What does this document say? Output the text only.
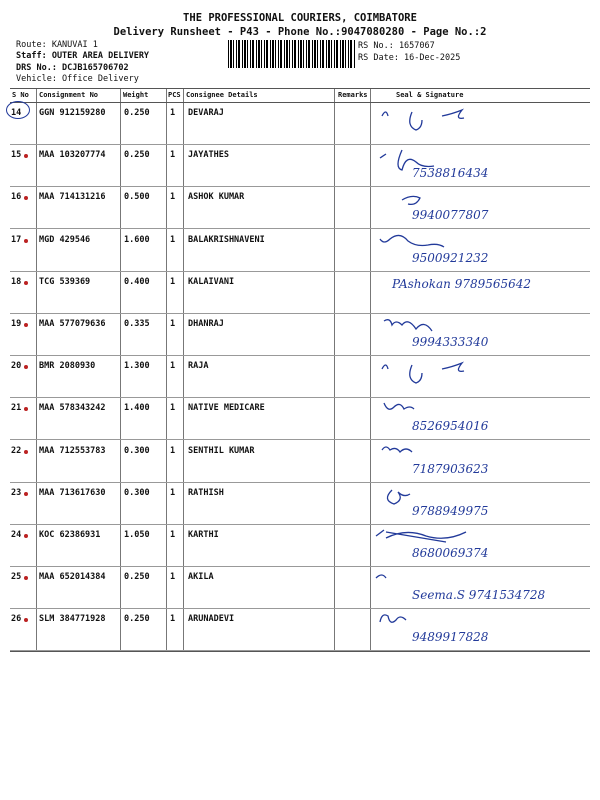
THE PROFESSIONAL COURIERS, COIMBATORE
Delivery Runsheet - P43 - Phone No.:9047080280 - Page No.:2
Route: KANUVAI 1
Staff: OUTER AREA DELIVERY
DRS No.: DCJB165706702
Vehicle: Office Delivery
RS No.: 1657067
RS Date: 16-Dec-2025
S No Consignment No	Weight	PCS Consignee Details	Remarks	Seal & Signature
14 GGN 912159280 0.250 1 DEVARAJ
15 MAA 103207774 0.250 1 JAYATHES
7538816434
16 MAA 714131216 0.500 1 ASHOK KUMAR
9940077807
17 MGD 429546	1.600 1 BALAKRISHNAVENI
9500921232
18 TCG 539369	0.400 1 KALAIVANI	PAshokan 9789565642
19 MAA 577079636 0.335 1 DHANRAJ
9994333340
20 BMR 2080930	1.300 1 RAJA
21 MAA 578343242 1.400 1 NATIVE MEDICARE
8526954016
22 MAA 712553783 0.300 1 SENTHIL KUMAR
7187903623
23 MAA 713617630 0.300 1 RATHISH
9788949975
24 KOC 62386931	1.050 1 KARTHI
8680069374
25 MAA 652014384 0.250 1 AKILA
Seema.S 9741534728
26 SLM 384771928 0.250 1 ARUNADEVI
9489917828
